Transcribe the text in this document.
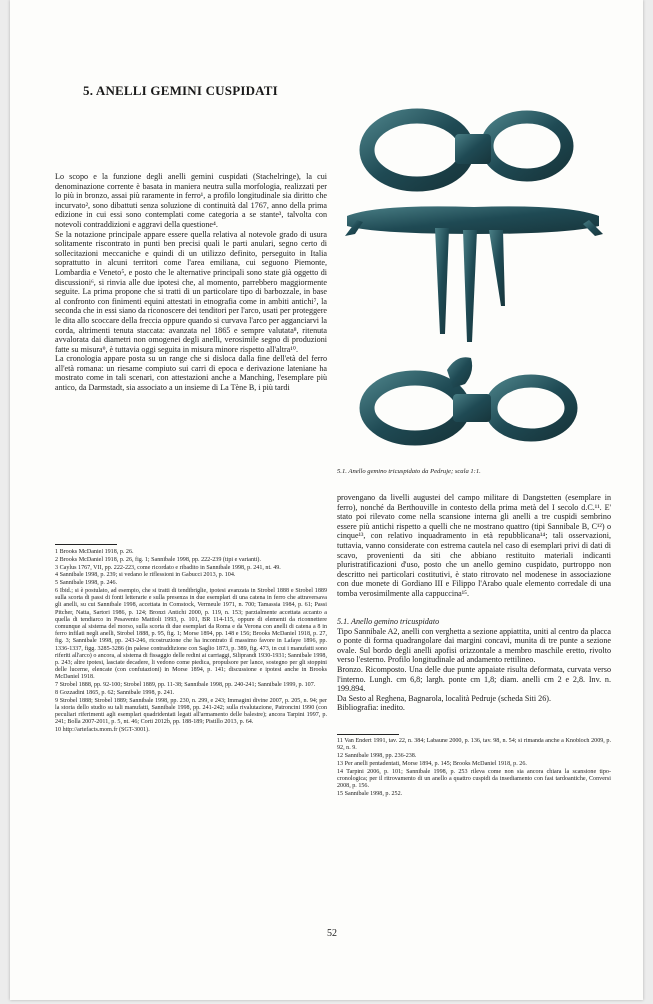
5. ANELLI GEMINI CUSPIDATI

Lo scopo e la funzione degli anelli gemini cuspidati (Stachelringe), la cui denominazione corrente è basata in maniera neutra sulla morfologia, realizzati per lo più in bronzo, assai più raramente in ferro¹, a profilo longitudinale sia diritto che incurvato², sono dibattuti senza soluzione di continuità dal 1767, anno della prima edizione in cui essi sono contemplati come categoria a se stante³, talvolta con notevoli contraddizioni e aggravi della questione⁴.

Se la notazione principale appare essere quella relativa al notevole grado di usura solitamente riscontrato in punti ben precisi quali le parti anulari, segno certo di sollecitazioni meccaniche e quindi di un utilizzo definito, perseguito in Italia soprattutto in alcuni territori come l'area emiliana, cui seguono Piemonte, Lombardia e Veneto⁵, e posto che le alternative principali sono state già oggetto di discussioni⁶, si rinvia alle due ipotesi che, al momento, parrebbero maggiormente seguite. La prima propone che si tratti di un particolare tipo di barbozzale, in base al confronto con finimenti equini attestati in etnografia come in ambiti antichi⁷, la seconda che in essi siano da riconoscere dei tenditori per l'arco, usati per proteggere le dita allo scoccare della freccia oppure quando si curvava l'arco per agganciarvi la corda, altrimenti tenuta staccata: avanzata nel 1865 e sempre valutata⁸, ritenuta avvalorata dai diametri non omogenei degli anelli, verosimile segno di produzioni fatte su misura⁹, è tuttavia oggi seguita in misura minore rispetto all'altra¹⁰.

La cronologia appare posta su un range che si disloca dalla fine dell'età del ferro all'età romana: un riesame compiuto sui carri di epoca e derivazione lateniane ha mostrato come in tali scenari, con attestazioni anche a Manching, l'esemplare più antico, da Darmstadt, sia associato a un insieme di La Tène B, i più tardi

5.1. Anello gemino tricuspidato da Pedruje; scala 1:1.

provengano da livelli augustei del campo militare di Dangstetten (esemplare in ferro), nonché da Berthouville in contesto della prima metà del I secolo d.C.¹¹. E' stato poi rilevato come nella scansione interna gli anelli a tre cuspidi sembrino essere più antichi rispetto a quelli che ne mostrano quattro (tipi Sannibale B, C¹²) o cinque¹³, con relativo inquadramento in età repubblicana¹⁴; tali osservazioni, tuttavia, vanno considerate con estrema cautela nel caso di esemplari privi di dati di scavo, provenienti da siti che abbiano restituito materiali indicanti pluristratificazioni d'uso, posto che un anello gemino cuspidato, purtroppo non descritto nei particolari costitutivi, è stato ritrovato nel modenese in associazione con due monete di Gordiano III e Filippo l'Arabo quale elemento corredale di una tomba verosimilmente alla cappuccina¹⁵.

5.1. Anello gemino tricuspidato

Tipo Sannibale A2, anelli con verghetta a sezione appiattita, uniti al centro da placca o ponte di forma quadrangolare dai margini concavi, munita di tre punte a sezione ovale. Sul bordo degli anelli apofisi orizzontale a membro maschile eretto, rivolto verso l'esterno. Profilo longitudinale ad andamento rettilineo.

Bronzo. Ricomposto. Una delle due punte appaiate risulta deformata, curvata verso l'interno. Lungh. cm 6,8; largh. ponte cm 1,8; diam. anelli cm 2 e 2,8. Inv. n. 199.894.

Da Sesto al Reghena, Bagnarola, località Pedruje (scheda Siti 26).

Bibliografia: inedito.

1 Brooks McDaniel 1918, p. 26.

2 Brooks McDaniel 1918, p. 26, fig. 1; Sannibale 1998, pp. 222-239 (tipi e varianti).

3 Caylus 1767, VII, pp. 222-223, come ricordato e ribadito in Sannibale 1998, p. 241, nt. 49.

4 Sannibale 1998, p. 239; si vedano le riflessioni in Gabucci 2013, p. 104.

5 Sannibale 1998, p. 246.

6 Ibid.; si è postulato, ad esempio, che si tratti di tendibriglie, ipotesi avanzata in Strobel 1888 e Strobel 1889 sulla scorta di passi di fonti letterarie e sulla presenza in due esemplari di una catena in ferro che attraversava gli anelli, su cui Sannibale 1998, accettata in Comstock, Vermeule 1971, n. 700; Tamassia 1984, p. 61; Passi Pitcher, Natta, Sartori 1986, p. 124; Bronzi Antichi 2000, p. 119, n. 153; parzialmente accettata accanto a quella di tendiarco in Pesavento Mattioli 1993, p. 101, BR 114-115, oppure di elementi da riconnettere comunque al sistema del morso, sulla scorta di due esemplari da Roma e da Verona con anelli di catena a 8 in ferro infilati negli anelli, Strobel 1888, p. 95, fig. 1; Morse 1894, pp. 148 e 156; Brooks McDaniel 1918, p. 27, fig. 3; Sannibale 1998, pp. 243-246, ricostruzione che ha incontrato il massimo favore in Lafaye 1896, pp. 1336-1337, figg. 3285-3286 (in palese contraddizione con Saglio 1873, p. 389, fig. 473, in cui i manufatti sono riferiti all'arco) o ancora, al sistema di fissaggio delle redini ai carriaggi, Siliprandi 1930-1931; Sannibale 1998, p. 243; altre ipotesi, lasciate decadere, li vedono come piedica, propulsore per lance, sostegno per gli stoppini delle lucerne, elencate (con confutazioni) in Morse 1894, p. 141; discussione e ipotesi anche in Brooks McDaniel 1918.

7 Strobel 1888, pp. 92-100; Strobel 1889, pp. 11-38; Sannibale 1998, pp. 240-241; Sannibale 1999, p. 107.

8 Gozzadini 1865, p. 62; Sannibale 1998, p. 241.

9 Strobel 1888; Strobel 1889; Sannibale 1998, pp. 230, n. 299, e 243; Immagini divine 2007, p. 205, n. 94; per la storia dello studio su tali manufatti, Sannibale 1998, pp. 241-242; sulla rivalutazione, Patroncini 1990 (con peculiari riferimenti agli esemplari quadridentati legati all'armamento delle balestre); ancora Tarpini 1997, p. 241; Bolla 2007-2011, p. 5, nt. 46; Corti 2012b, pp. 188-189; Pistillo 2013, p. 64.

10 http://artefacts.mom.fr (SGT-3001).

11 Van Endert 1991, tav. 22, n. 384; Labaune 2000, p. 136, tav. 98, n. 54; si rimanda anche a Knobloch 2009, p. 92, n. 9.

12 Sannibale 1998, pp. 236-238.

13 Per anelli pentadentati, Morse 1894, p. 145; Brooks McDaniel 1918, p. 26.

14 Tarpini 2006, p. 101; Sannibale 1998, p. 253 rileva come non sia ancora chiara la scansione tipo-cronologica; per il ritrovamento di un anello a quattro cuspidi da insediamento con fasi tardoantiche, Conversi 2008, p. 156.

15 Sannibale 1998, p. 252.

52
